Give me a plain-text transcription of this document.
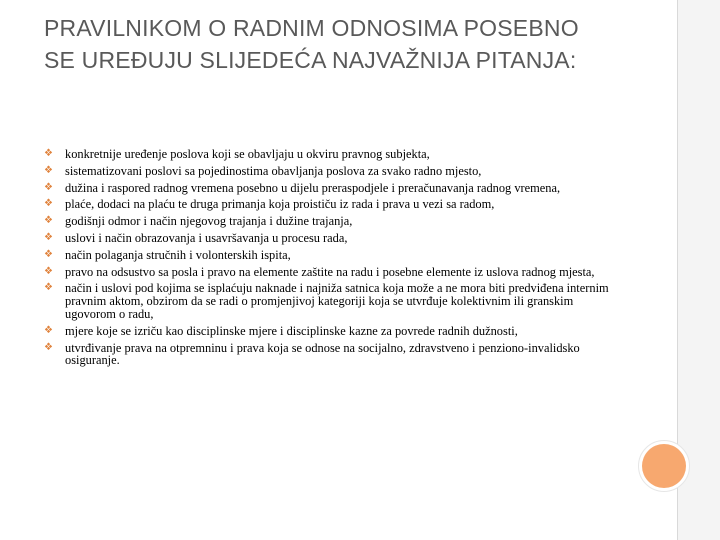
PRAVILNIKOM O RADNIM ODNOSIMA POSEBNO SE UREĐUJU SLIJEDEĆA NAJVAŽNIJA PITANJA:
❖ konkretnije uređenje poslova koji se obavljaju u okviru pravnog subjekta,
❖ sistematizovani poslovi sa pojedinostima obavljanja poslova za svako radno mjesto,
❖ dužina i raspored radnog vremena posebno u dijelu preraspodjele i preračunavanja radnog vremena,
❖ plaće, dodaci na plaću te druga primanja koja proističu iz rada i prava u vezi sa radom,
❖ godišnji odmor i način njegovog trajanja i dužine trajanja,
❖ uslovi i način obrazovanja i usavršavanja u procesu rada,
❖ način polaganja stručnih i volonterskih ispita,
❖ pravo na odsustvo sa posla i pravo na elemente zaštite na radu i posebne elemente iz uslova radnog mjesta,
❖ način i uslovi pod kojima se isplaćuju naknade i najniža satnica koja može a ne mora biti predviđena internim pravnim aktom, obzirom da se radi o promjenjivoj kategoriji koja se utvrđuje kolektivnim ili granskim ugovorom o radu,
❖ mjere koje se izriču kao disciplinske mjere i disciplinske kazne za povrede radnih dužnosti,
❖ utvrđivanje prava na otpremninu i prava koja se odnose na socijalno, zdravstveno i penziono-invalidsko osiguranje.
